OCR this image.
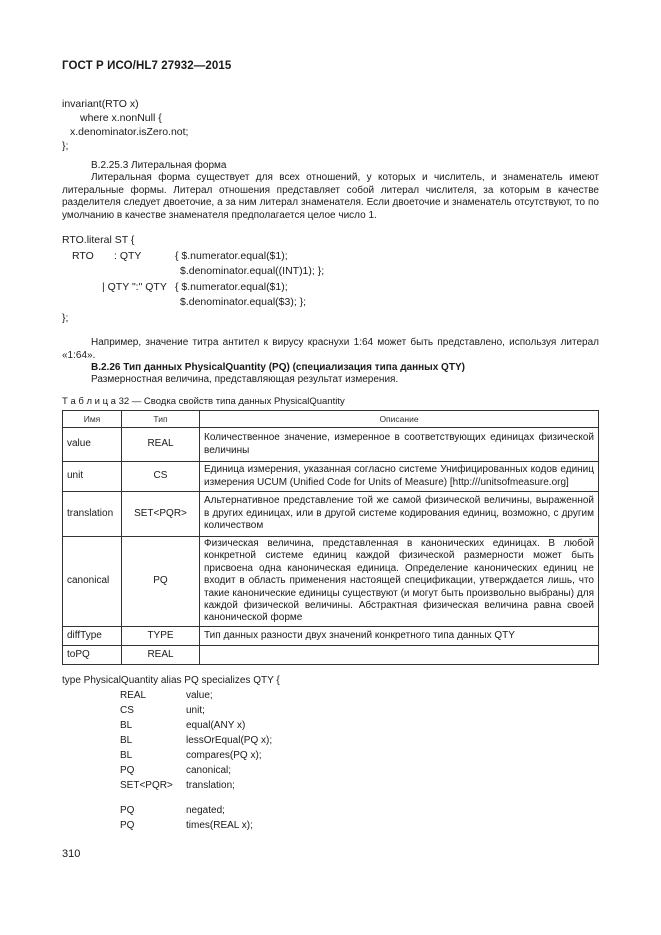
ГОСТ Р ИСО/HL7 27932—2015
invariant(RTO x)
where x.nonNull {
x.denominator.isZero.not;
};
B.2.25.3 Литеральная форма
Литеральная форма существует для всех отношений, у которых и числитель, и знаменатель имеют литеральные формы. Литерал отношения представляет собой литерал числителя, за которым в качестве разделителя следует двоеточие, а за ним литерал знаменателя. Если двоеточие и знаменатель отсутствуют, то по умолчанию в качестве знаменателя предполагается целое число 1.
RTO.literal ST {
RTO : QTY	{ $.numerator.equal($1);
$.denominator.equal((INT)1); };
| QTY ":" QTY { $.numerator.equal($1);
$.denominator.equal($3); };
};
Например, значение титра антител к вирусу краснухи 1:64 может быть представлено, используя литерал «1:64».
B.2.26 Тип данных PhysicalQuantity (PQ) (специализация типа данных QTY)
Размерностная величина, представляющая результат измерения.
Т а б л и ц а 32 — Сводка свойств типа данных PhysicalQuantity
Имя	Тип	Описание
value	REAL	Количественное значение, измеренное в соответствующих единицах физической величины
unit	CS	Единица измерения, указанная согласно системе Унифицированных кодов единиц измерения UCUM (Unified Code for Units of Measure) [http:///unitsofmeasure.org]
translation	SET<PQR>	Альтернативное представление той же самой физической величины, выраженной в других единицах, или в другой системе кодирования единиц, возможно, с другим количеством
canonical	PQ	Физическая величина, представленная в канонических единицах. В любой конкретной системе единиц каждой физической размерности может быть присвоена одна каноническая единица. Определение канонических единиц не входит в область применения настоящей спецификации, утверждается лишь, что такие канонические единицы существуют (и могут быть произвольно выбраны) для каждой физической величины. Абстрактная физическая величина равна своей канонической форме
diffType	TYPE	Тип данных разности двух значений конкретного типа данных QTY
toPQ	REAL	
type PhysicalQuantity alias PQ specializes QTY {
REAL	value;
CS	unit;
BL	equal(ANY x)
BL	lessOrEqual(PQ x);
BL	compares(PQ x);
PQ	canonical;
SET<PQR> translation;
PQ	negated;
PQ	times(REAL x);
310
